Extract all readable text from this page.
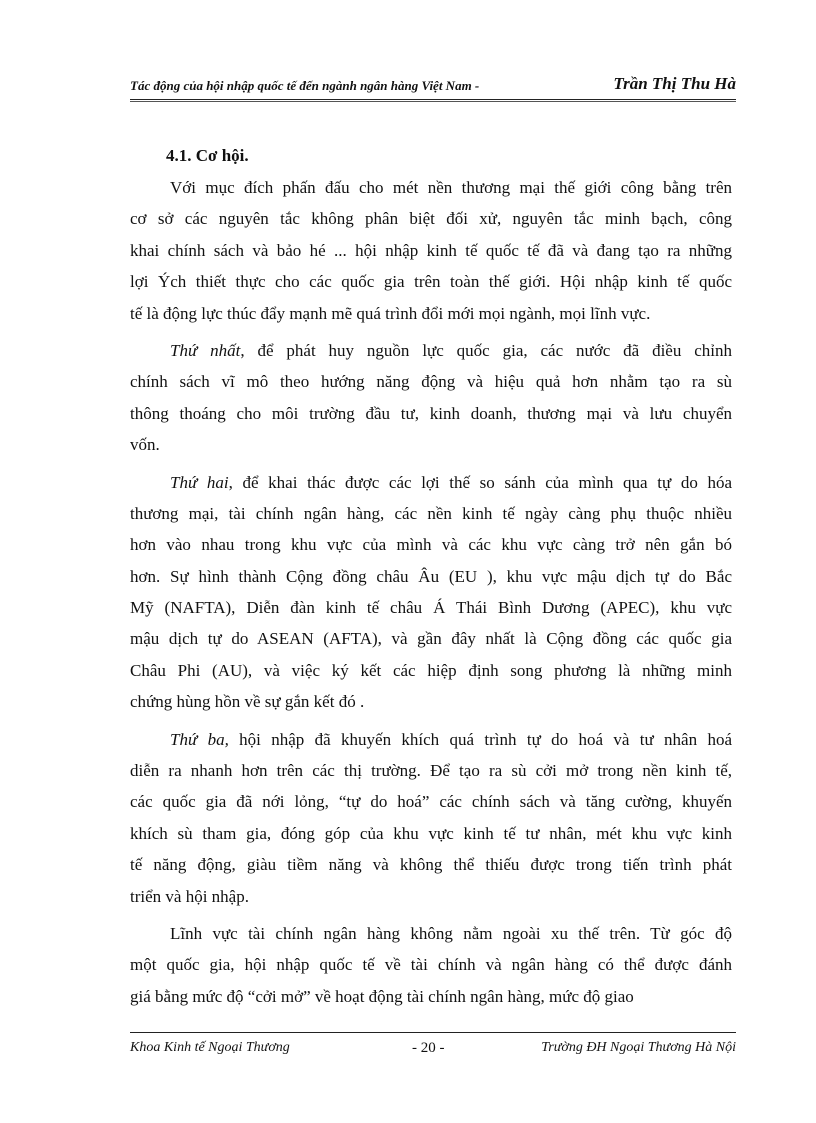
Tác động của hội nhập quốc tế đến ngành ngân hàng Việt Nam -	Trần Thị Thu Hà
4.1. Cơ hội.
Với mục đích phấn đấu cho mét nền thương mại thế giới công bằng trên
cơ sở các nguyên tắc không phân biệt đối xử, nguyên tắc minh bạch, công
khai chính sách và bảo hé ... hội nhập kinh tế quốc tế đã và đang tạo ra những
lợi Ých thiết thực cho các quốc gia trên toàn thế giới. Hội nhập kinh tế quốc
tế là động lực thúc đẩy mạnh mẽ quá trình đổi mới mọi ngành, mọi lĩnh vực.
Thứ nhất, để phát huy nguồn lực quốc gia, các nước đã điều chỉnh
chính sách vĩ mô theo hướng năng động và hiệu quả hơn nhằm tạo ra sù
thông thoáng cho môi trường đầu tư, kinh doanh, thương mại và lưu chuyển
vốn.
Thứ hai, để khai thác được các lợi thế so sánh của mình qua tự do hóa
thương mại, tài chính ngân hàng, các nền kinh tế ngày càng phụ thuộc nhiều
hơn vào nhau trong khu vực của mình và các khu vực càng trở nên gắn bó
hơn. Sự hình thành Cộng đồng châu Âu (EU ), khu vực mậu dịch tự do Bắc
Mỹ (NAFTA), Diễn đàn kinh tế châu Á Thái Bình Dương (APEC), khu vực
mậu dịch tự do ASEAN (AFTA), và gần đây nhất là Cộng đồng các quốc gia
Châu Phi (AU), và việc ký kết các hiệp định song phương là những minh
chứng hùng hồn về sự gắn kết đó .
Thứ ba, hội nhập đã khuyến khích quá trình tự do hoá và tư nhân hoá
diễn ra nhanh hơn trên các thị trường. Để tạo ra sù cởi mở trong nền kinh tế,
các quốc gia đã nới lỏng, “tự do hoá” các chính sách và tăng cường, khuyến
khích sù tham gia, đóng góp của khu vực kinh tế tư nhân, mét khu vực kinh
tế năng động, giàu tiềm năng và không thể thiếu được trong tiến trình phát
triển và hội nhập.
Lĩnh vực tài chính ngân hàng không nằm ngoài xu thế trên. Từ góc độ
một quốc gia, hội nhập quốc tế về tài chính và ngân hàng có thể được đánh
giá bằng mức độ “cởi mở” về hoạt động tài chính ngân hàng, mức độ giao
Khoa Kinh tế Ngoại Thương	- 20 -	Trường ĐH Ngoại Thương Hà Nội
